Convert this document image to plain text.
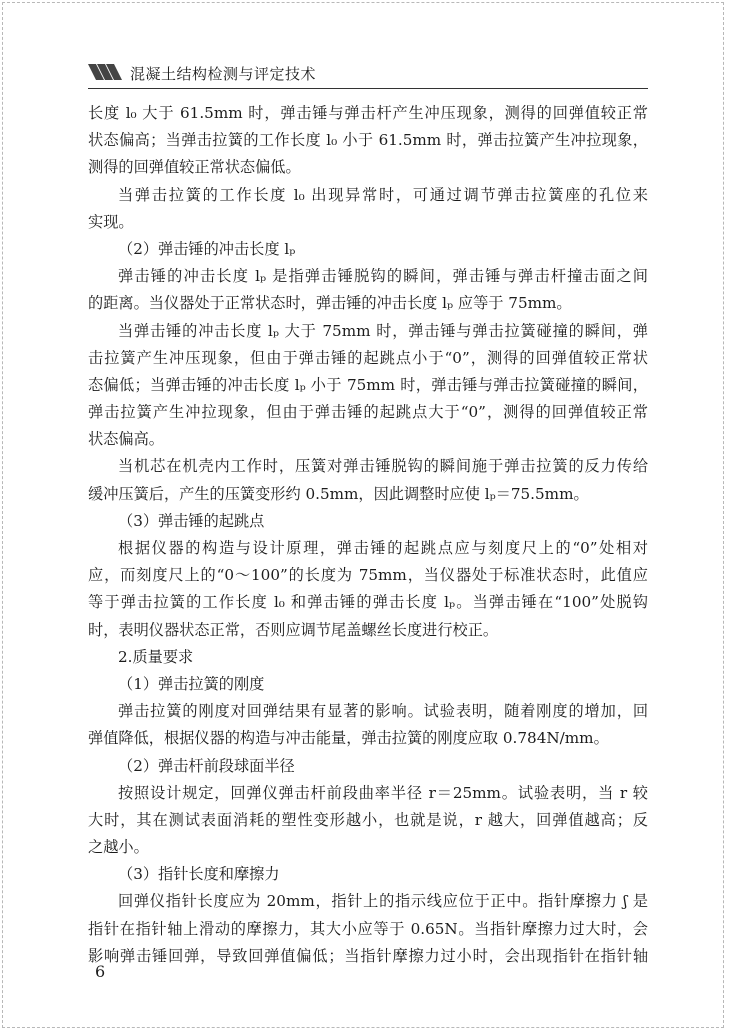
混凝土结构检测与评定技术
长度 l₀ 大于 61.5mm 时，弹击锤与弹击杆产生冲压现象，测得的回弹值较正常
状态偏高；当弹击拉簧的工作长度 l₀ 小于 61.5mm 时，弹击拉簧产生冲拉现象，
测得的回弹值较正常状态偏低。
当弹击拉簧的工作长度 l₀ 出现异常时，可通过调节弹击拉簧座的孔位来
实现。
（2）弹击锤的冲击长度 lₚ
弹击锤的冲击长度 lₚ 是指弹击锤脱钩的瞬间，弹击锤与弹击杆撞击面之间
的距离。当仪器处于正常状态时，弹击锤的冲击长度 lₚ 应等于 75mm。
当弹击锤的冲击长度 lₚ 大于 75mm 时，弹击锤与弹击拉簧碰撞的瞬间，弹
击拉簧产生冲压现象，但由于弹击锤的起跳点小于“0”，测得的回弹值较正常状
态偏低；当弹击锤的冲击长度 lₚ 小于 75mm 时，弹击锤与弹击拉簧碰撞的瞬间，
弹击拉簧产生冲拉现象，但由于弹击锤的起跳点大于“0”，测得的回弹值较正常
状态偏高。
当机芯在机壳内工作时，压簧对弹击锤脱钩的瞬间施于弹击拉簧的反力传给
缓冲压簧后，产生的压簧变形约 0.5mm，因此调整时应使 lₚ＝75.5mm。
（3）弹击锤的起跳点
根据仪器的构造与设计原理，弹击锤的起跳点应与刻度尺上的“0”处相对
应，而刻度尺上的“0～100”的长度为 75mm，当仪器处于标准状态时，此值应
等于弹击拉簧的工作长度 l₀ 和弹击锤的弹击长度 lₚ。当弹击锤在“100”处脱钩
时，表明仪器状态正常，否则应调节尾盖螺丝长度进行校正。
2.质量要求
（1）弹击拉簧的刚度
弹击拉簧的刚度对回弹结果有显著的影响。试验表明，随着刚度的增加，回
弹值降低，根据仪器的构造与冲击能量，弹击拉簧的刚度应取 0.784N/mm。
（2）弹击杆前段球面半径
按照设计规定，回弹仪弹击杆前段曲率半径 r＝25mm。试验表明，当 r 较
大时，其在测试表面消耗的塑性变形越小，也就是说，r 越大，回弹值越高；反
之越小。
（3）指针长度和摩擦力
回弹仪指针长度应为 20mm，指针上的指示线应位于正中。指针摩擦力 ʃ 是
指针在指针轴上滑动的摩擦力，其大小应等于 0.65N。当指针摩擦力过大时，会
影响弹击锤回弹，导致回弹值偏低；当指针摩擦力过小时，会出现指针在指针轴
6
